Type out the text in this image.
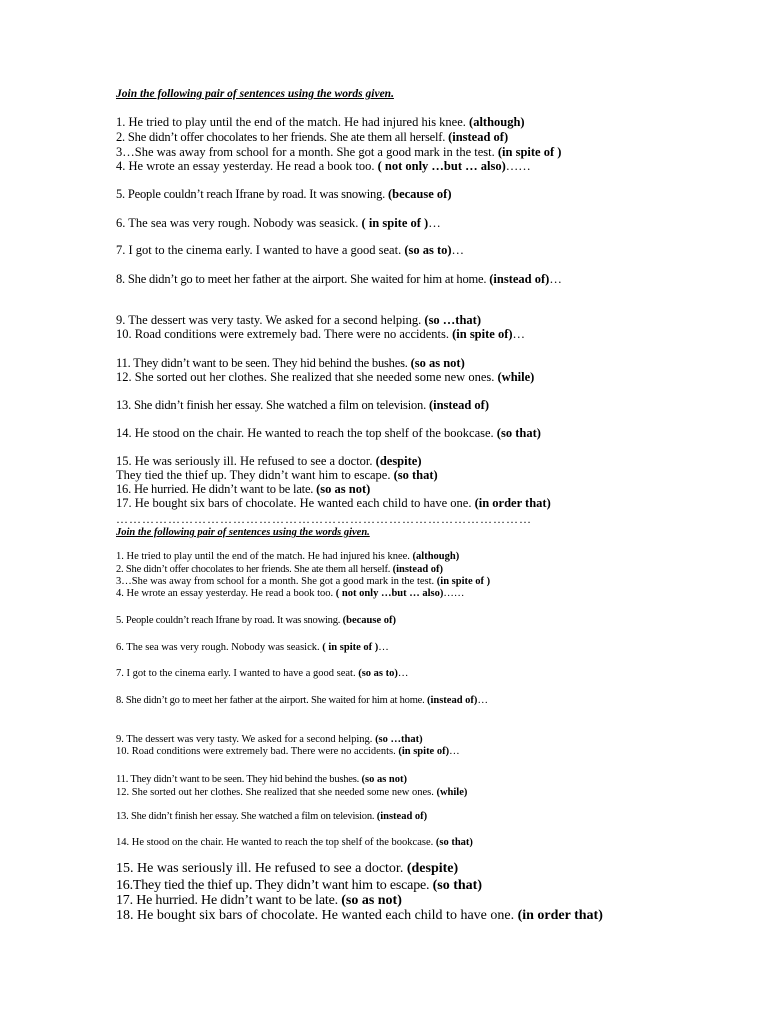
Join the following pair of sentences using the words given.
1. He tried to play until the end of the match. He had injured his knee. (although)
2. She didn’t offer chocolates to her friends. She ate them all herself. (instead of)
3…She was away from school for a month. She got a good mark in the test. (in spite of )
4. He wrote an essay yesterday. He read a book too. ( not only …but … also)……
5. People couldn’t reach Ifrane by road. It was snowing. (because of)
6. The sea was very rough. Nobody was seasick. ( in spite of )…
7. I got to the cinema early. I wanted to have a good seat. (so as to)…
8. She didn’t go to meet her father at the airport. She waited for him at home. (instead of)…
9. The dessert was very tasty. We asked for a second helping. (so …that)
10. Road conditions were extremely bad. There were no accidents. (in spite of)…
11. They didn’t want to be seen. They hid behind the bushes. (so as not)
12. She sorted out her clothes. She realized that she needed some new ones. (while)
13. She didn’t finish her essay. She watched a film on television. (instead of)
14. He stood on the chair. He wanted to reach the top shelf of the bookcase. (so that)
15. He was seriously ill. He refused to see a doctor. (despite)
They tied the thief up. They didn’t want him to escape. (so that)
16. He hurried. He didn’t want to be late. (so as not)
17. He bought six bars of chocolate. He wanted each child to have one. (in order that)
……………………………………………………………………………………
Join the following pair of sentences using the words given.
1. He tried to play until the end of the match. He had injured his knee. (although)
2. She didn’t offer chocolates to her friends. She ate them all herself. (instead of)
3…She was away from school for a month. She got a good mark in the test. (in spite of )
4. He wrote an essay yesterday. He read a book too. ( not only …but … also)……
5. People couldn’t reach Ifrane by road. It was snowing. (because of)
6. The sea was very rough. Nobody was seasick. ( in spite of )…
7. I got to the cinema early. I wanted to have a good seat. (so as to)…
8. She didn’t go to meet her father at the airport. She waited for him at home. (instead of)…
9. The dessert was very tasty. We asked for a second helping. (so …that)
10. Road conditions were extremely bad. There were no accidents. (in spite of)…
11. They didn’t want to be seen. They hid behind the bushes. (so as not)
12. She sorted out her clothes. She realized that she needed some new ones. (while)
13. She didn’t finish her essay. She watched a film on television. (instead of)
14. He stood on the chair. He wanted to reach the top shelf of the bookcase. (so that)
15. He was seriously ill. He refused to see a doctor. (despite)
16.They tied the thief up. They didn’t want him to escape. (so that)
17. He hurried. He didn’t want to be late. (so as not)
18. He bought six bars of chocolate. He wanted each child to have one. (in order that)
